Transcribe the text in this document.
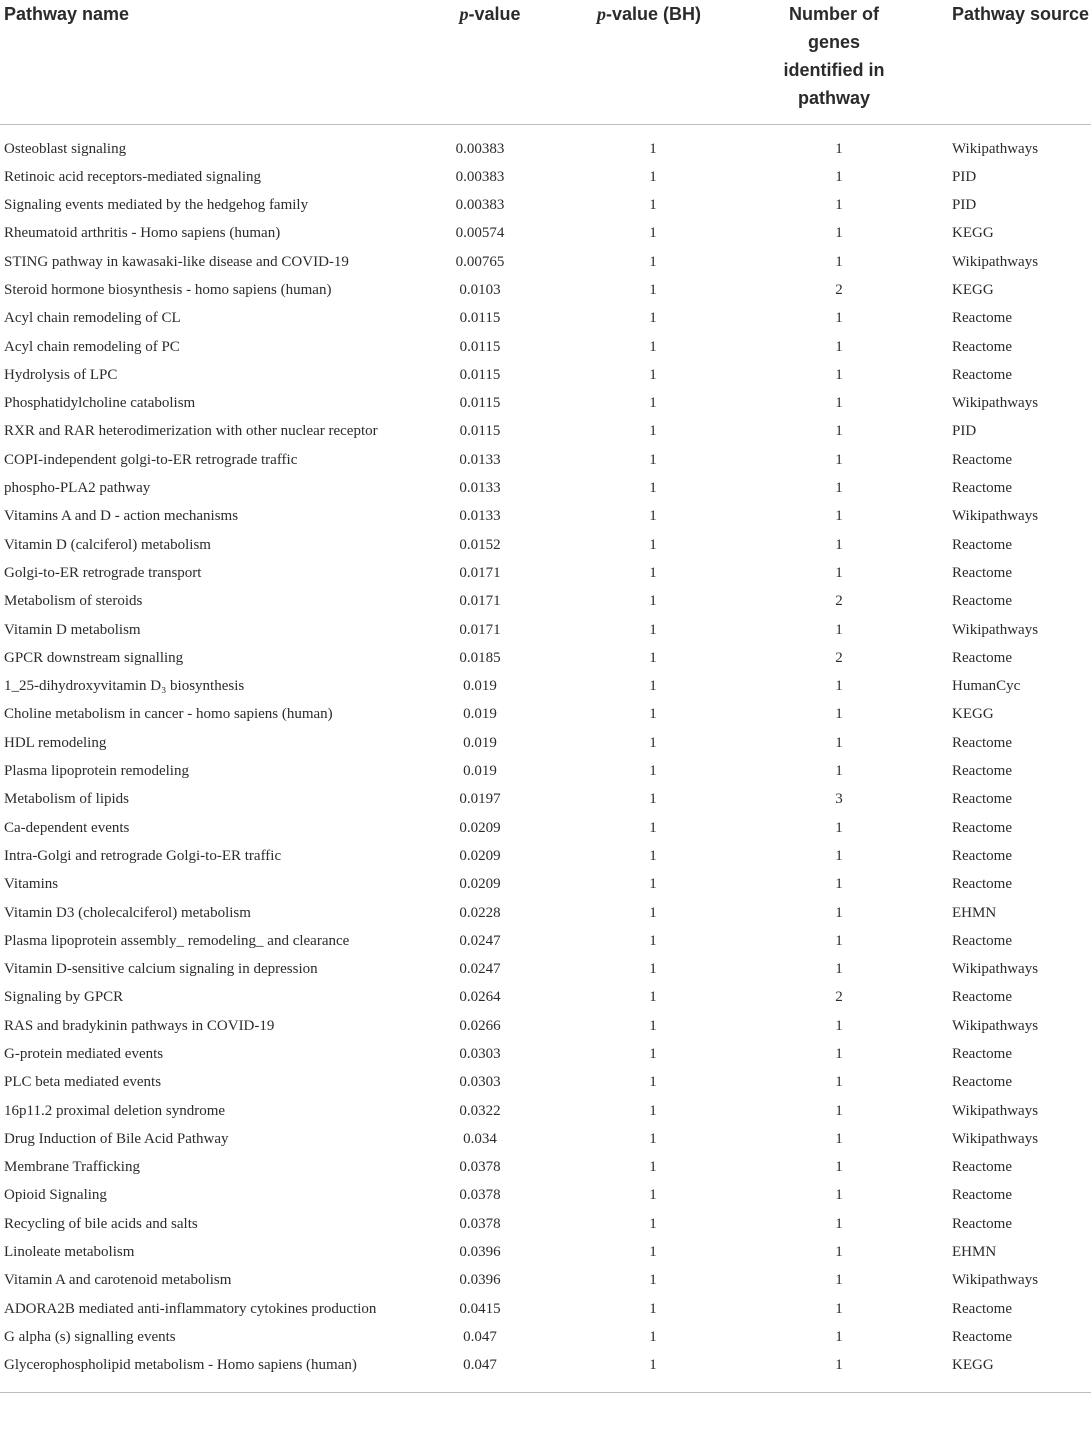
Pathway name	p-value	p-value (BH)	Number of genes identified in pathway	Pathway source
Osteoblast signaling	0.00383	1	1	Wikipathways
Retinoic acid receptors-mediated signaling	0.00383	1	1	PID
Signaling events mediated by the hedgehog family	0.00383	1	1	PID
Rheumatoid arthritis - Homo sapiens (human)	0.00574	1	1	KEGG
STING pathway in kawasaki-like disease and COVID-19	0.00765	1	1	Wikipathways
Steroid hormone biosynthesis - homo sapiens (human)	0.0103	1	2	KEGG
Acyl chain remodeling of CL	0.0115	1	1	Reactome
Acyl chain remodeling of PC	0.0115	1	1	Reactome
Hydrolysis of LPC	0.0115	1	1	Reactome
Phosphatidylcholine catabolism	0.0115	1	1	Wikipathways
RXR and RAR heterodimerization with other nuclear receptor	0.0115	1	1	PID
COPI-independent golgi-to-ER retrograde traffic	0.0133	1	1	Reactome
phospho-PLA2 pathway	0.0133	1	1	Reactome
Vitamins A and D - action mechanisms	0.0133	1	1	Wikipathways
Vitamin D (calciferol) metabolism	0.0152	1	1	Reactome
Golgi-to-ER retrograde transport	0.0171	1	1	Reactome
Metabolism of steroids	0.0171	1	2	Reactome
Vitamin D metabolism	0.0171	1	1	Wikipathways
GPCR downstream signalling	0.0185	1	2	Reactome
1_25-dihydroxyvitamin D₃ biosynthesis	0.019	1	1	HumanCyc
Choline metabolism in cancer - homo sapiens (human)	0.019	1	1	KEGG
HDL remodeling	0.019	1	1	Reactome
Plasma lipoprotein remodeling	0.019	1	1	Reactome
Metabolism of lipids	0.0197	1	3	Reactome
Ca-dependent events	0.0209	1	1	Reactome
Intra-Golgi and retrograde Golgi-to-ER traffic	0.0209	1	1	Reactome
Vitamins	0.0209	1	1	Reactome
Vitamin D3 (cholecalciferol) metabolism	0.0228	1	1	EHMN
Plasma lipoprotein assembly_ remodeling_ and clearance	0.0247	1	1	Reactome
Vitamin D-sensitive calcium signaling in depression	0.0247	1	1	Wikipathways
Signaling by GPCR	0.0264	1	2	Reactome
RAS and bradykinin pathways in COVID-19	0.0266	1	1	Wikipathways
G-protein mediated events	0.0303	1	1	Reactome
PLC beta mediated events	0.0303	1	1	Reactome
16p11.2 proximal deletion syndrome	0.0322	1	1	Wikipathways
Drug Induction of Bile Acid Pathway	0.034	1	1	Wikipathways
Membrane Trafficking	0.0378	1	1	Reactome
Opioid Signaling	0.0378	1	1	Reactome
Recycling of bile acids and salts	0.0378	1	1	Reactome
Linoleate metabolism	0.0396	1	1	EHMN
Vitamin A and carotenoid metabolism	0.0396	1	1	Wikipathways
ADORA2B mediated anti-inflammatory cytokines production	0.0415	1	1	Reactome
G alpha (s) signalling events	0.047	1	1	Reactome
Glycerophospholipid metabolism - Homo sapiens (human)	0.047	1	1	KEGG
